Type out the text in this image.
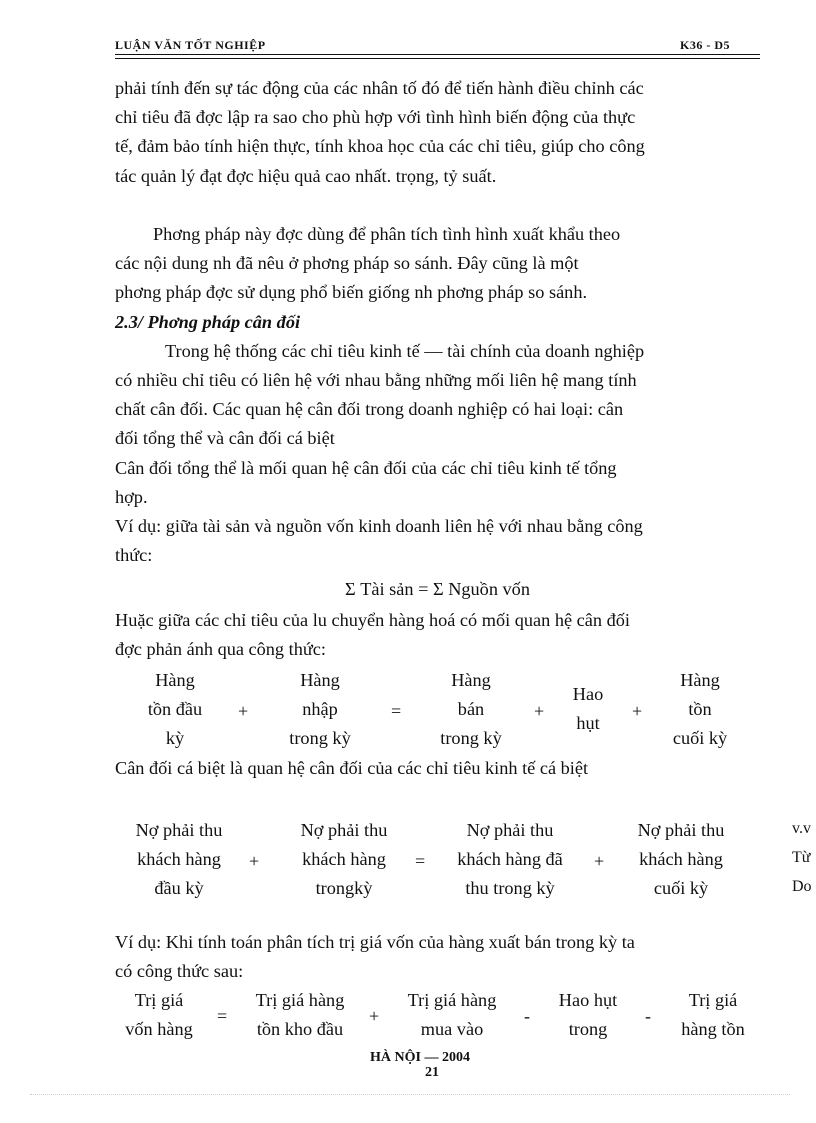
LUẬN VĂN TỐT NGHIỆP	K36 - D5

phải tính đến sự tác động của các nhân tố đó để tiến hành điều chỉnh các

chỉ tiêu đã đợc lập ra sao cho phù hợp với tình hình biến động của thực

tế, đảm bảo tính hiện thực, tính khoa học của các chỉ tiêu, giúp cho công

tác quản lý đạt đợc hiệu quả cao nhất. trọng, tỷ suất.

Phơng pháp này đợc dùng để phân tích tình hình xuất khẩu theo

các nội dung nh đã nêu ở phơng pháp so sánh. Đây cũng là một

phơng pháp đợc sử dụng phổ biến giống nh phơng pháp so sánh.

2.3/ Phơng pháp cân đối

Trong hệ thống các chỉ tiêu kinh tế — tài chính của doanh nghiệp

có nhiều chỉ tiêu có liên hệ với nhau bằng những mối liên hệ mang tính

chất cân đối. Các quan hệ cân đối trong doanh nghiệp có hai loại: cân

đối tổng thể và cân đối cá biệt

Cân đối tổng thể là mối quan hệ cân đối của các chỉ tiêu kinh tế tổng

hợp.

Ví dụ: giữa tài sản và nguồn vốn kinh doanh liên hệ với nhau bằng công

thức:

Σ Tài sản = Σ Nguồn vốn

Huặc giữa các chỉ tiêu của lu chuyển hàng hoá có mối quan hệ cân đối

đợc phản ánh qua công thức:

Hàng
tồn đầu
kỳ
+
Hàng
nhập
trong kỳ
=
Hàng
bán
trong kỳ
+
Hao
hụt
+
Hàng
tồn
cuối kỳ

Cân đối cá biệt là quan hệ cân đối của các chỉ tiêu kinh tế cá biệt

Nợ phải thu
khách hàng
đầu kỳ
+
Nợ phải thu
khách hàng
trongkỳ
=
Nợ phải thu
khách hàng đã
thu trong kỳ
+
Nợ phải thu
khách hàng
cuối kỳ
v.v
Từ
Do

Ví dụ: Khi tính toán phân tích trị giá vốn của hàng xuất bán trong kỳ ta

có công thức sau:

Trị giá
vốn hàng
=
Trị giá hàng
tồn kho đầu
+
Trị giá hàng
mua vào
-
Hao hụt
trong
-
Trị giá
hàng tồn
HÀ NỘI — 2004
21
